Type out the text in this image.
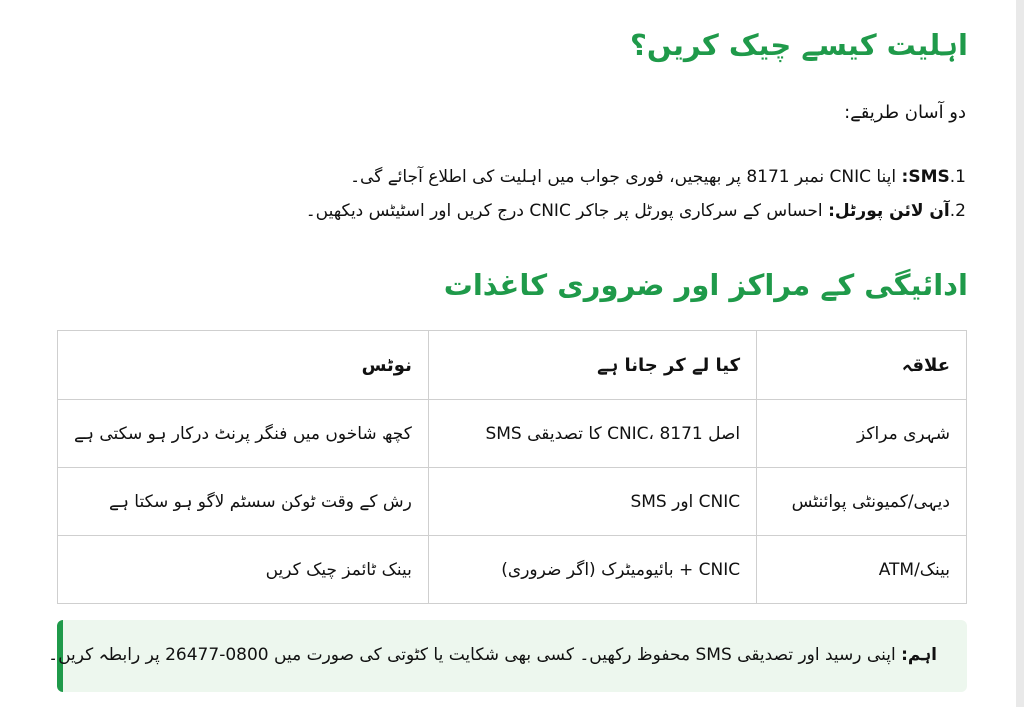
اہلیت کیسے چیک کریں؟
دو آسان طریقے:
1.SMS: اپنا CNIC نمبر 8171 پر بھیجیں، فوری جواب میں اہلیت کی اطلاع آجائے گی۔
2.آن لائن پورٹل: احساس کے سرکاری پورٹل پر جاکر CNIC درج کریں اور اسٹیٹس دیکھیں۔
ادائیگی کے مراکز اور ضروری کاغذات
علاقہ	کیا لے کر جانا ہے	نوٹس
شہری مراکز	اصل CNIC، 8171 کا تصدیقی SMS	کچھ شاخوں میں فنگر پرنٹ درکار ہو سکتی ہے
دیہی/کمیونٹی پوائنٹس	CNIC اور SMS	رش کے وقت ٹوکن سسٹم لاگو ہو سکتا ہے
بینک/ATM	CNIC + بائیومیٹرک (اگر ضروری)	بینک ٹائمز چیک کریں
اہم: اپنی رسید اور تصدیقی SMS محفوظ رکھیں۔ کسی بھی شکایت یا کٹوتی کی صورت میں 0800-26477 پر رابطہ کریں۔
